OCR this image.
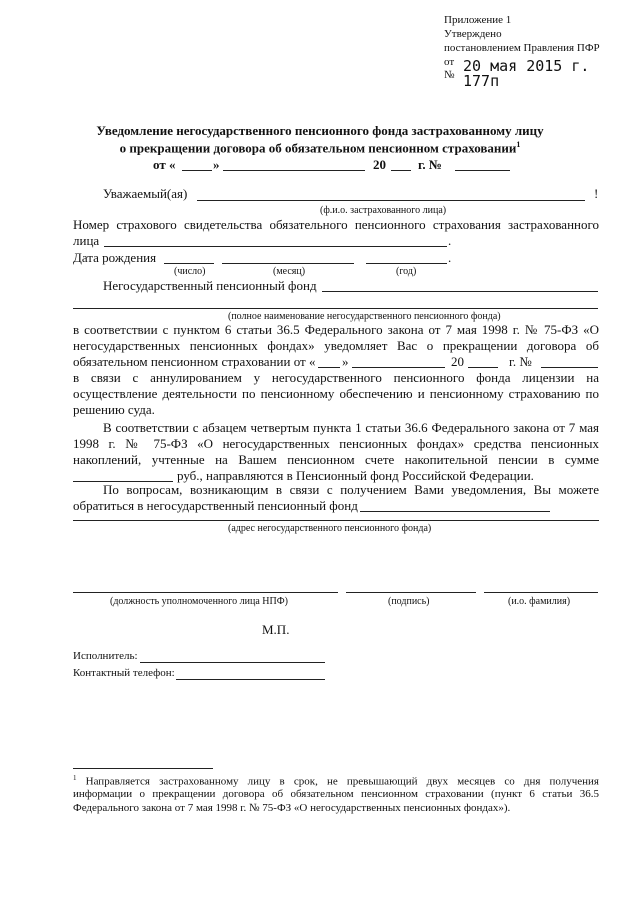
Приложение 1
Утверждено
постановлением Правления ПФР
от
№ 20 мая 2015 г.
177п
Уведомление негосударственного пенсионного фонда застрахованному лицу
о прекращении договора об обязательном пенсионном страховании$^1$
от «	»	20 г. №
Уважаемый(ая)	!
(ф.и.о. застрахованного лица)
Номер страхового свидетельства обязательного пенсионного страхования застрахованного
лица	.
Дата рождения	.
(число)	(месяц)	(год)
Негосударственный пенсионный фонд
(полное наименование негосударственного пенсионного фонда)
в соответствии с пунктом 6 статьи 36.5 Федерального закона от 7 мая 1998 г. № 75-ФЗ «О
негосударственных пенсионных фондах» уведомляет Вас о прекращении договора об
обязательном пенсионном страховании от « »	20	г. №
в связи с аннулированием у негосударственного пенсионного фонда лицензии на
осуществление деятельности по пенсионному обеспечению и пенсионному страхованию по
решению суда.
В соответствии с абзацем четвертым пункта 1 статьи 36.6 Федерального закона от 7 мая
1998 г. № 75-ФЗ «О негосударственных пенсионных фондах» средства пенсионных
накоплений, учтенные на Вашем пенсионном счете накопительной пенсии в сумме
руб., направляются в Пенсионный фонд Российской Федерации.
По вопросам, возникающим в связи с получением Вами уведомления, Вы можете
обратиться в негосударственный пенсионный фонд
(адрес негосударственного пенсионного фонда)
(должность уполномоченного лица НПФ)	(подпись)	(и.о. фамилия)
М.П.
Исполнитель:
Контактный телефон:
$^1$ Направляется застрахованному лицу в срок, не превышающий двух месяцев со дня получения
информации о прекращении договора об обязательном пенсионном страховании (пункт 6 статьи 36.5
Федерального закона от 7 мая 1998 г. № 75-ФЗ «О негосударственных пенсионных фондах»).
